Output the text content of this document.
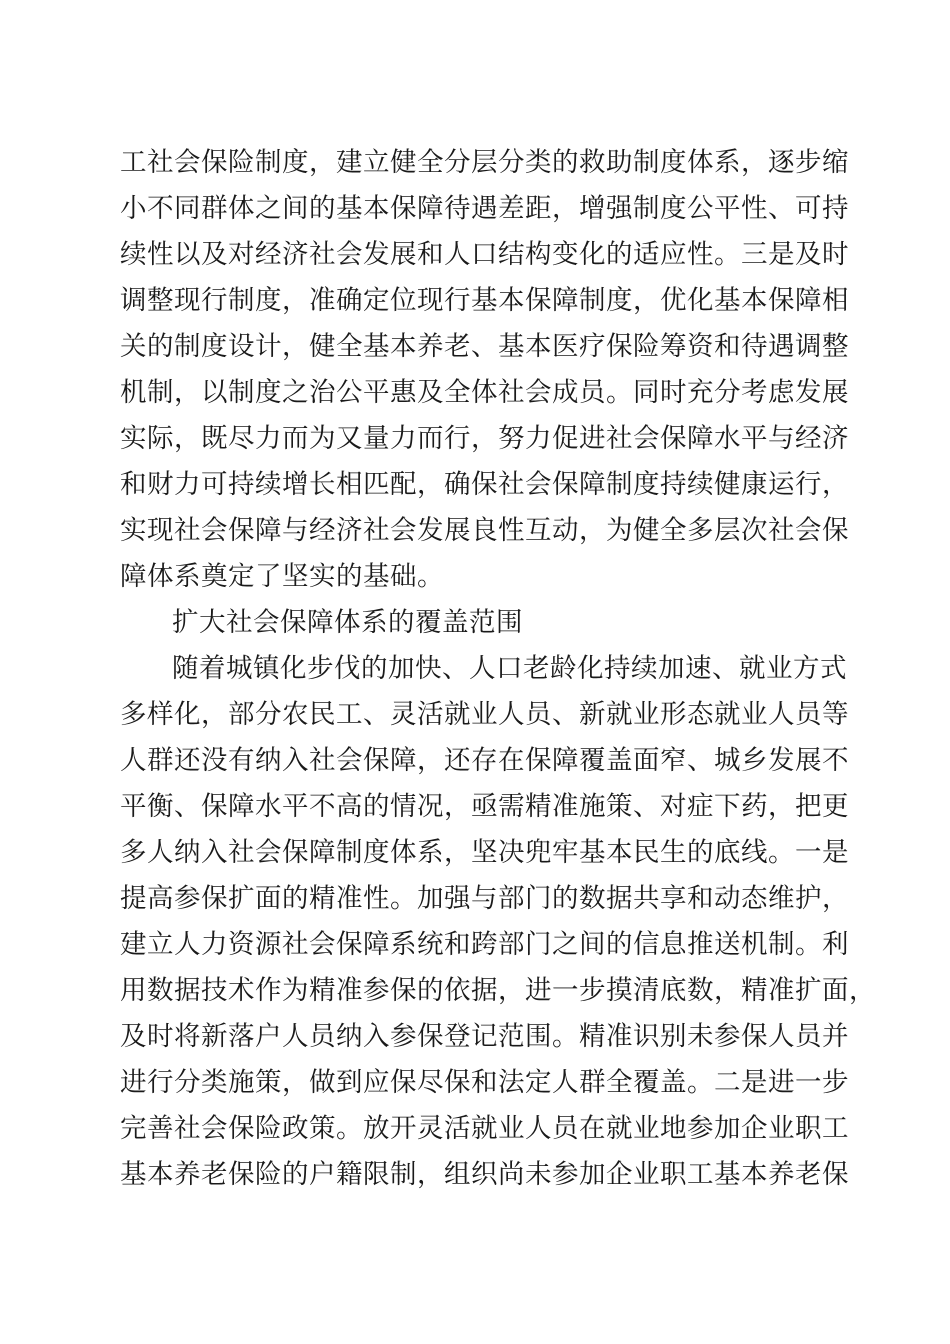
工社会保险制度，建立健全分层分类的救助制度体系，逐步缩
小不同群体之间的基本保障待遇差距，增强制度公平性、可持
续性以及对经济社会发展和人口结构变化的适应性。三是及时
调整现行制度，准确定位现行基本保障制度，优化基本保障相
关的制度设计，健全基本养老、基本医疗保险筹资和待遇调整
机制，以制度之治公平惠及全体社会成员。同时充分考虑发展
实际，既尽力而为又量力而行，努力促进社会保障水平与经济
和财力可持续增长相匹配，确保社会保障制度持续健康运行，
实现社会保障与经济社会发展良性互动，为健全多层次社会保
障体系奠定了坚实的基础。
扩大社会保障体系的覆盖范围
随着城镇化步伐的加快、人口老龄化持续加速、就业方式
多样化，部分农民工、灵活就业人员、新就业形态就业人员等
人群还没有纳入社会保障，还存在保障覆盖面窄、城乡发展不
平衡、保障水平不高的情况，亟需精准施策、对症下药，把更
多人纳入社会保障制度体系，坚决兜牢基本民生的底线。一是
提高参保扩面的精准性。加强与部门的数据共享和动态维护，
建立人力资源社会保障系统和跨部门之间的信息推送机制。利
用数据技术作为精准参保的依据，进一步摸清底数，精准扩面，
及时将新落户人员纳入参保登记范围。精准识别未参保人员并
进行分类施策，做到应保尽保和法定人群全覆盖。二是进一步
完善社会保险政策。放开灵活就业人员在就业地参加企业职工
基本养老保险的户籍限制，组织尚未参加企业职工基本养老保
